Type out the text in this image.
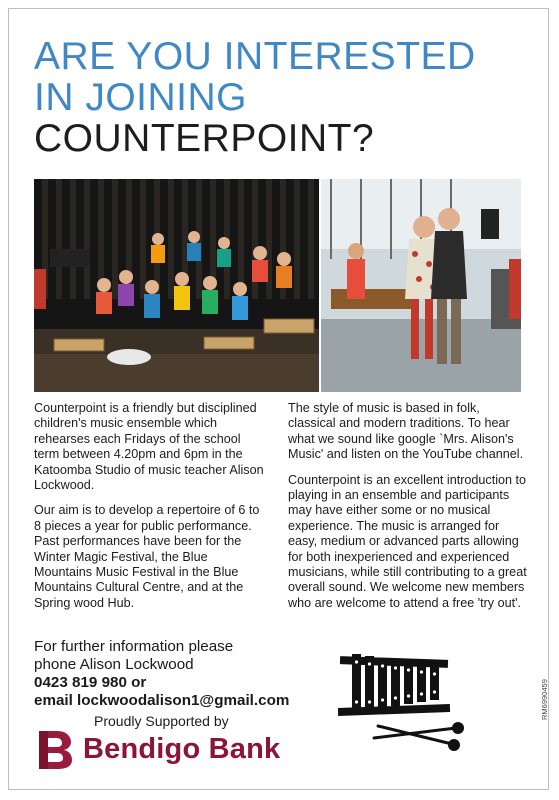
ARE YOU INTERESTED
IN JOINING
COUNTERPOINT?

Counterpoint is a friendly but disciplined children's music ensemble which rehearses each Fridays of the school term between 4.20pm and 6pm in the Katoomba Studio of music teacher Alison Lockwood.

Our aim is to develop a repertoire of 6 to 8 pieces a year for public performance. Past performances have been for the Winter Magic Festival, the Blue Mountains Music Festival in the Blue Mountains Cultural Centre, and at the Spring wood Hub.

The style of music is based in folk, classical and modern traditions. To hear what we sound like google `Mrs. Alison's Music' and listen on the YouTube channel.

Counterpoint is an excellent introduction to playing in an ensemble and participants may have either some or no musical experience. The music is arranged for easy, medium or advanced parts allowing for both inexperienced and experienced musicians, while still contributing to a great overall sound. We welcome new members who are welcome to attend a free 'try out'.

For further information please
phone Alison Lockwood
0423 819 980 or
email lockwoodalison1@gmail.com
Proudly Supported by
Bendigo Bank
RM6990459
